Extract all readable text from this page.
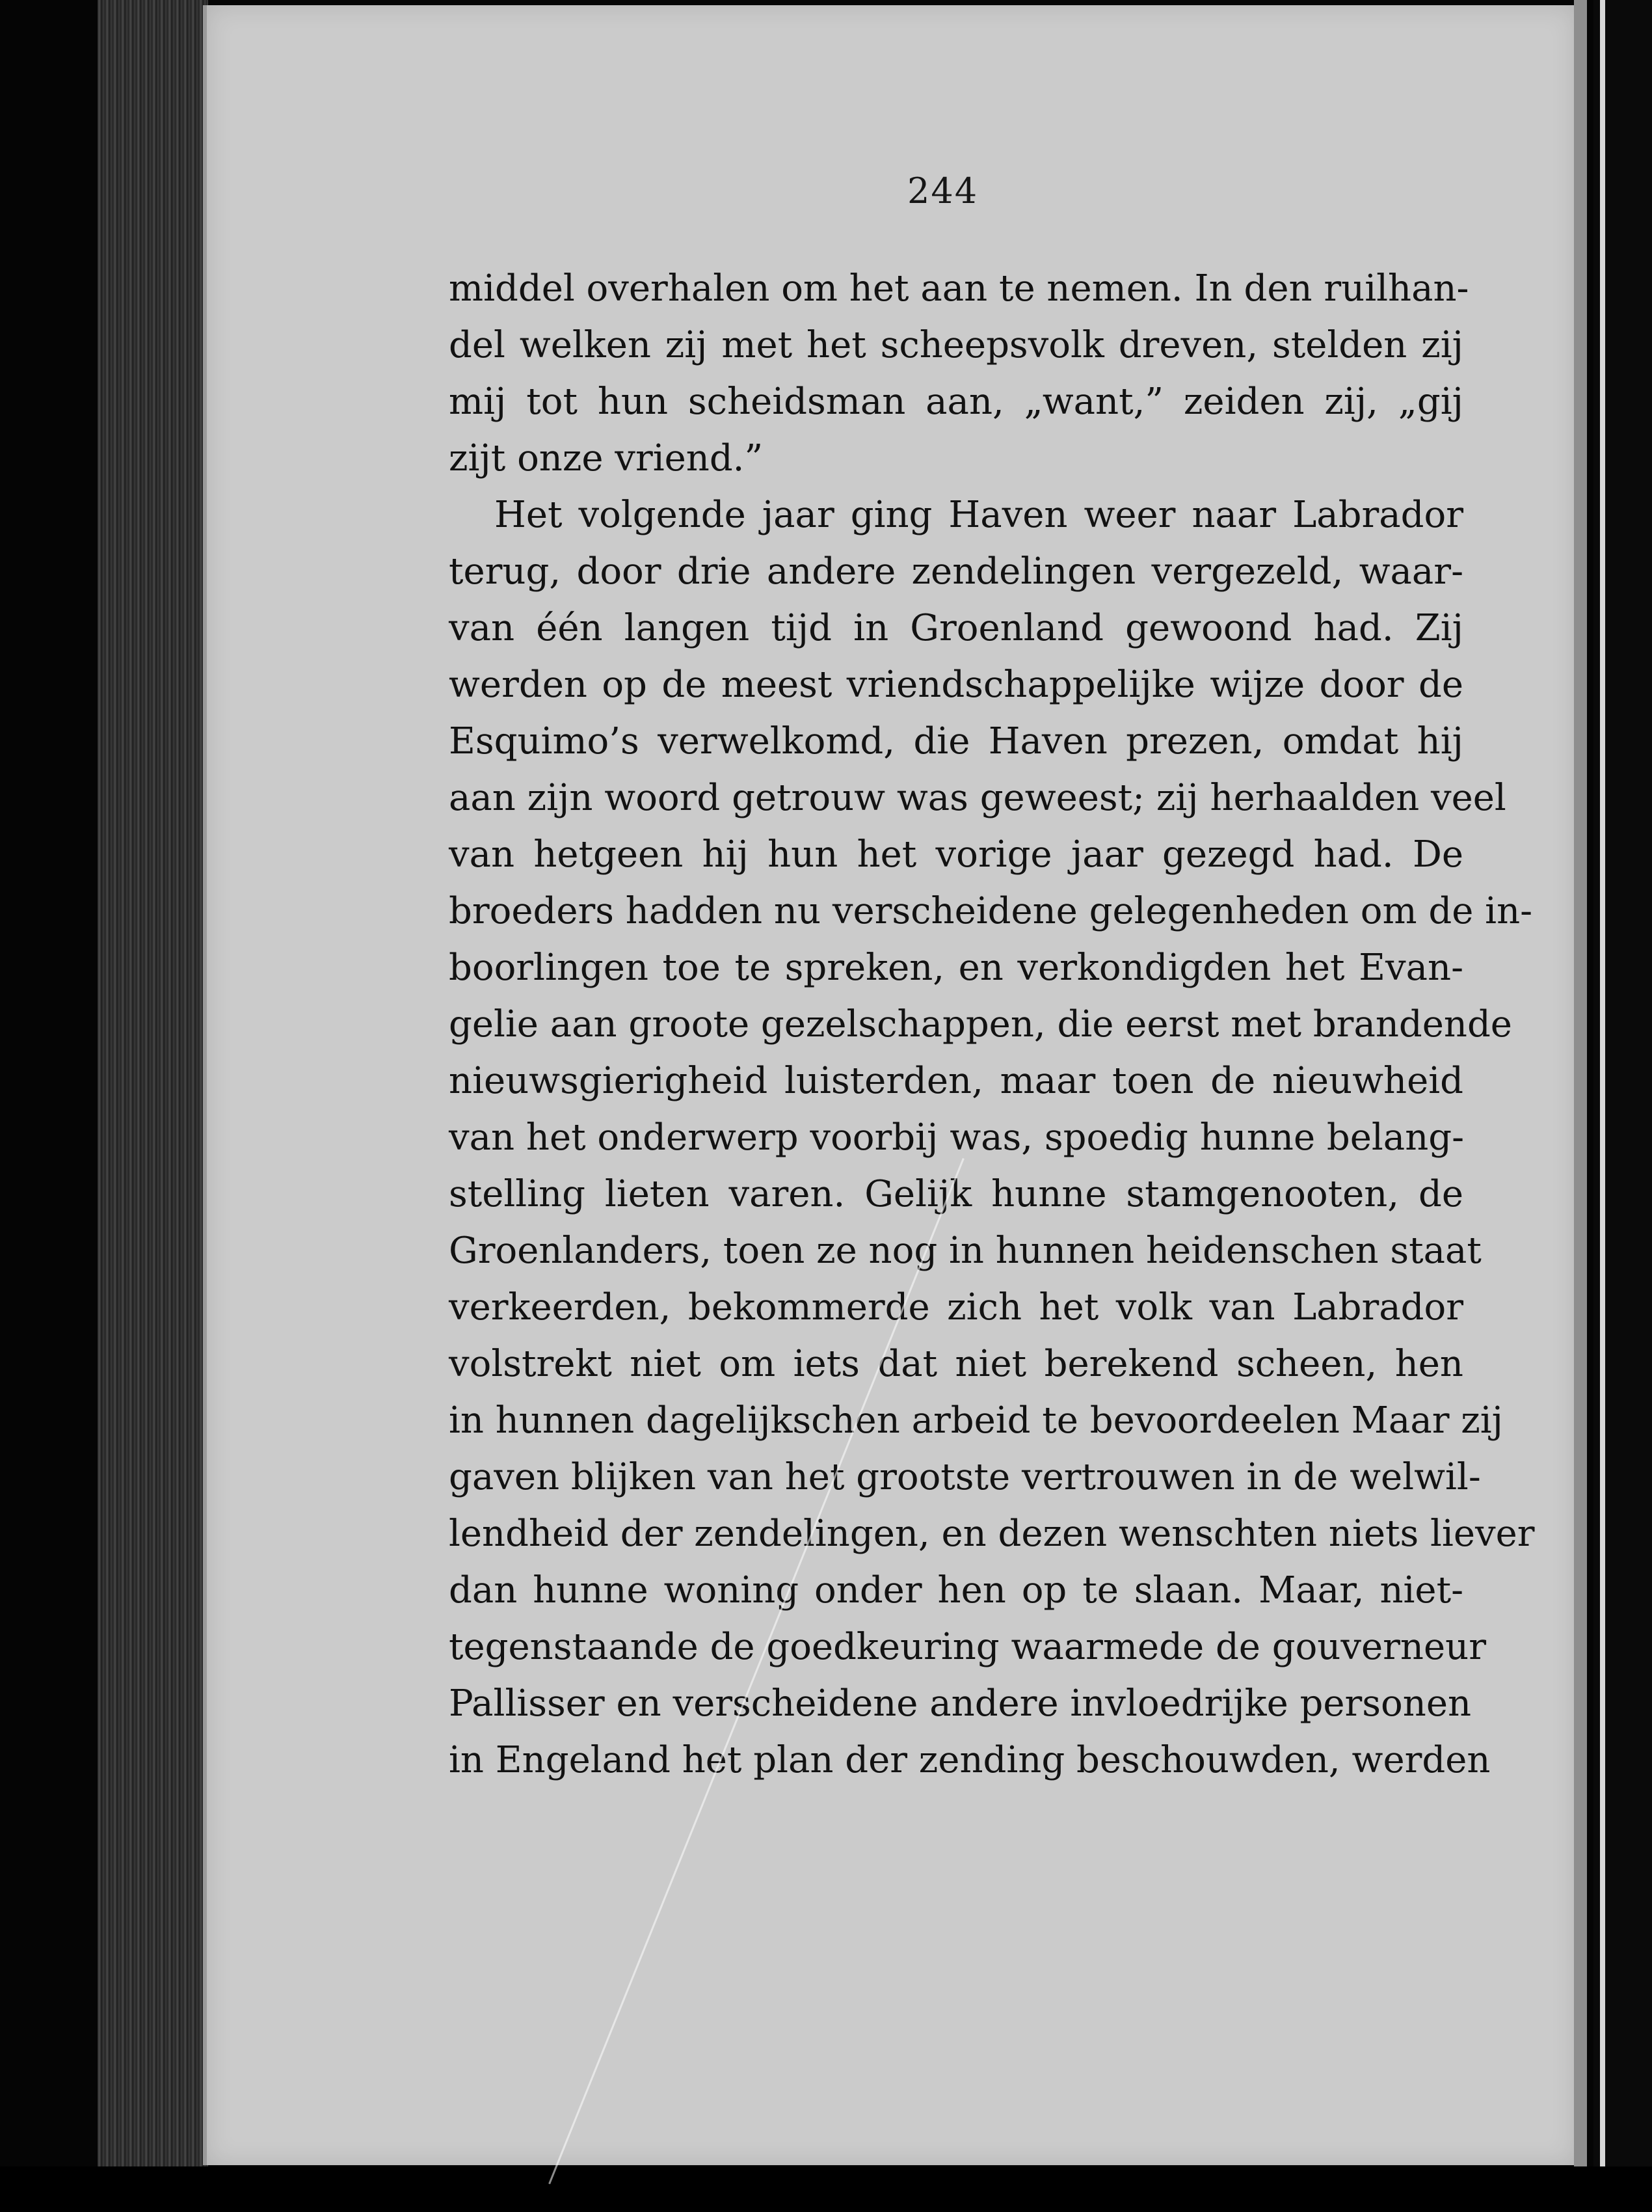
244
middel overhalen om het aan te nemen. In den ruilhan-
del welken zij met het scheepsvolk dreven, stelden zij
mij tot hun scheidsman aan, „want,” zeiden zij, „gij
zijt onze vriend.”
Het volgende jaar ging Haven weer naar Labrador
terug, door drie andere zendelingen vergezeld, waar-
van één langen tijd in Groenland gewoond had. Zij
werden op de meest vriendschappelijke wijze door de
Esquimo’s verwelkomd, die Haven prezen, omdat hij
aan zijn woord getrouw was geweest; zij herhaalden veel
van hetgeen hij hun het vorige jaar gezegd had. De
broeders hadden nu verscheidene gelegenheden om de in-
boorlingen toe te spreken, en verkondigden het Evan-
gelie aan groote gezelschappen, die eerst met brandende
nieuwsgierigheid luisterden, maar toen de nieuwheid
van het onderwerp voorbij was, spoedig hunne belang-
stelling lieten varen. Gelijk hunne stamgenooten, de
Groenlanders, toen ze nog in hunnen heidenschen staat
verkeerden, bekommerde zich het volk van Labrador
volstrekt niet om iets dat niet berekend scheen, hen
in hunnen dagelijkschen arbeid te bevoordeelen Maar zij
gaven blijken van het grootste vertrouwen in de welwil-
lendheid der zendelingen, en dezen wenschten niets liever
dan hunne woning onder hen op te slaan. Maar, niet-
tegenstaande de goedkeuring waarmede de gouverneur
Pallisser en verscheidene andere invloedrijke personen
in Engeland het plan der zending beschouwden, werden
